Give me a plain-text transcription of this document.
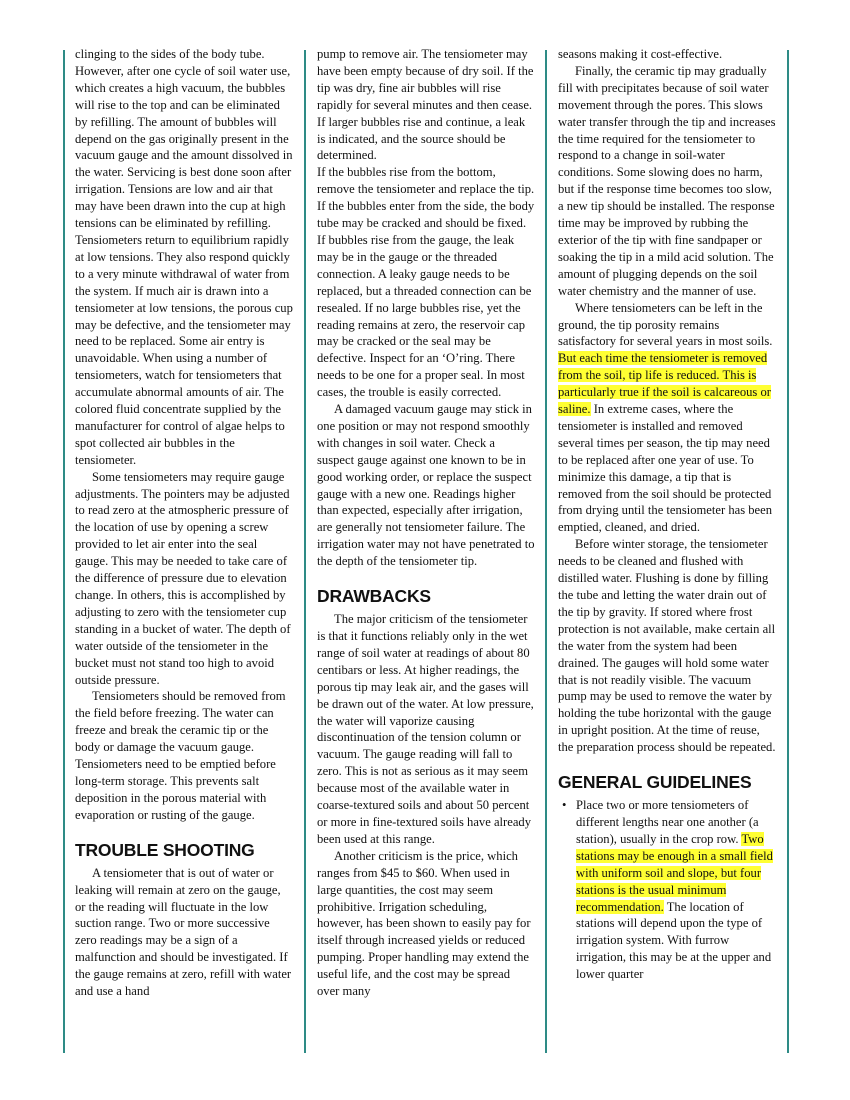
clinging to the sides of the body tube. However, after one cycle of soil water use, which creates a high vacuum, the bubbles will rise to the top and can be eliminated by refilling. The amount of bubbles will depend on the gas originally present in the vacuum gauge and the amount dissolved in the water. Servicing is best done soon after irrigation. Tensions are low and air that may have been drawn into the cup at high tensions can be eliminated by refilling. Tensiometers return to equilibrium rapidly at low tensions. They also respond quickly to a very minute withdrawal of water from the system. If much air is drawn into a tensiometer at low tensions, the porous cup may be defective, and the tensiometer may need to be replaced. Some air entry is unavoidable. When using a number of tensiometers, watch for tensiometers that accumulate abnormal amounts of air. The colored fluid concentrate supplied by the manufacturer for control of algae helps to spot collected air bubbles in the tensiometer.

Some tensiometers may require gauge adjustments. The pointers may be adjusted to read zero at the atmospheric pressure of the location of use by opening a screw provided to let air enter into the seal gauge. This may be needed to take care of the difference of pressure due to elevation change. In others, this is accomplished by adjusting to zero with the tensiometer cup standing in a bucket of water. The depth of water outside of the tensiometer in the bucket must not stand too high to avoid outside pressure.

Tensiometers should be removed from the field before freezing. The water can freeze and break the ceramic tip or the body or damage the vacuum gauge. Tensiometers need to be emptied before long-term storage. This prevents salt deposition in the porous material with evaporation or rusting of the gauge.

TROUBLE SHOOTING

A tensiometer that is out of water or leaking will remain at zero on the gauge, or the reading will fluctuate in the low suction range. Two or more successive zero readings may be a sign of a malfunction and should be investigated. If the gauge remains at zero, refill with water and use a hand

pump to remove air. The tensiometer may have been empty because of dry soil. If the tip was dry, fine air bubbles will rise rapidly for several minutes and then cease. If larger bubbles rise and continue, a leak is indicated, and the source should be determined.

If the bubbles rise from the bottom, remove the tensiometer and replace the tip. If the bubbles enter from the side, the body tube may be cracked and should be fixed. If bubbles rise from the gauge, the leak may be in the gauge or the threaded connection. A leaky gauge needs to be replaced, but a threaded connection can be resealed. If no large bubbles rise, yet the reading remains at zero, the reservoir cap may be cracked or the seal may be defective. Inspect for an ‘O’ring. There needs to be one for a proper seal. In most cases, the trouble is easily corrected.

A damaged vacuum gauge may stick in one position or may not respond smoothly with changes in soil water. Check a suspect gauge against one known to be in good working order, or replace the suspect gauge with a new one. Readings higher than expected, especially after irrigation, are generally not tensiometer failure. The irrigation water may not have penetrated to the depth of the tensiometer tip.

DRAWBACKS

The major criticism of the tensiometer is that it functions reliably only in the wet range of soil water at readings of about 80 centibars or less. At higher readings, the porous tip may leak air, and the gases will be drawn out of the water. At low pressure, the water will vaporize causing discontinuation of the tension column or vacuum. The gauge reading will fall to zero. This is not as serious as it may seem because most of the available water in coarse-textured soils and about 50 percent or more in fine-textured soils have already been used at this range.

Another criticism is the price, which ranges from $45 to $60. When used in large quantities, the cost may seem prohibitive. Irrigation scheduling, however, has been shown to easily pay for itself through increased yields or reduced pumping. Proper handling may extend the useful life, and the cost may be spread over many

seasons making it cost-effective.

Finally, the ceramic tip may gradually fill with precipitates because of soil water movement through the pores. This slows water transfer through the tip and increases the time required for the tensiometer to respond to a change in soil-water conditions. Some slowing does no harm, but if the response time becomes too slow, a new tip should be installed. The response time may be improved by rubbing the exterior of the tip with fine sandpaper or soaking the tip in a mild acid solution. The amount of plugging depends on the soil water chemistry and the manner of use.

Where tensiometers can be left in the ground, the tip porosity remains satisfactory for several years in most soils. But each time the tensiometer is removed from the soil, tip life is reduced. This is particularly true if the soil is calcareous or saline. In extreme cases, where the tensiometer is installed and removed several times per season, the tip may need to be replaced after one year of use. To minimize this damage, a tip that is removed from the soil should be protected from drying until the tensiometer has been emptied, cleaned, and dried.

Before winter storage, the tensiometer needs to be cleaned and flushed with distilled water. Flushing is done by filling the tube and letting the water drain out of the tip by gravity. If stored where frost protection is not available, make certain all the water from the system had been drained. The gauges will hold some water that is not readily visible. The vacuum pump may be used to remove the water by holding the tube horizontal with the gauge in upright position. At the time of reuse, the preparation process should be repeated.

GENERAL GUIDELINES
• Place two or more tensiometers of different lengths near one another (a station), usually in the crop row. Two stations may be enough in a small field with uniform soil and slope, but four stations is the usual minimum recommendation. The location of stations will depend upon the type of irrigation system. With furrow irrigation, this may be at the upper and lower quarter
